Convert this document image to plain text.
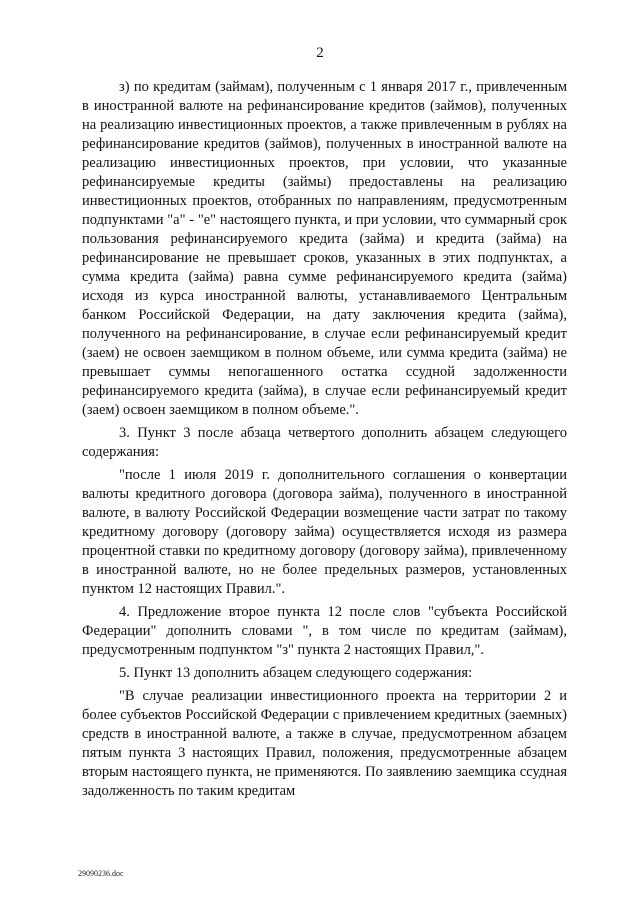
2

з) по кредитам (займам), полученным с 1 января 2017 г., привлеченным в иностранной валюте на рефинансирование кредитов (займов), полученных на реализацию инвестиционных проектов, а также привлеченным в рублях на рефинансирование кредитов (займов), полученных в иностранной валюте на реализацию инвестиционных проектов, при условии, что указанные рефинансируемые кредиты (займы) предоставлены на реализацию инвестиционных проектов, отобранных по направлениям, предусмотренным подпунктами "а" - "е" настоящего пункта, и при условии, что суммарный срок пользования рефинансируемого кредита (займа) и кредита (займа) на рефинансирование не превышает сроков, указанных в этих подпунктах, а сумма кредита (займа) равна сумме рефинансируемого кредита (займа) исходя из курса иностранной валюты, устанавливаемого Центральным банком Российской Федерации, на дату заключения кредита (займа), полученного на рефинансирование, в случае если рефинансируемый кредит (заем) не освоен заемщиком в полном объеме, или сумма кредита (займа) не превышает суммы непогашенного остатка ссудной задолженности рефинансируемого кредита (займа), в случае если рефинансируемый кредит (заем) освоен заемщиком в полном объеме.".

3. Пункт 3 после абзаца четвертого дополнить абзацем следующего содержания:

"после 1 июля 2019 г. дополнительного соглашения о конвертации валюты кредитного договора (договора займа), полученного в иностранной валюте, в валюту Российской Федерации возмещение части затрат по такому кредитному договору (договору займа) осуществляется исходя из размера процентной ставки по кредитному договору (договору займа), привлеченному в иностранной валюте, но не более предельных размеров, установленных пунктом 12 настоящих Правил.".

4. Предложение второе пункта 12 после слов "субъекта Российской Федерации" дополнить словами ", в том числе по кредитам (займам), предусмотренным подпунктом "з" пункта 2 настоящих Правил,".

5. Пункт 13 дополнить абзацем следующего содержания:

"В случае реализации инвестиционного проекта на территории 2 и более субъектов Российской Федерации с привлечением кредитных (заемных) средств в иностранной валюте, а также в случае, предусмотренном абзацем пятым пункта 3 настоящих Правил, положения, предусмотренные абзацем вторым настоящего пункта, не применяются. По заявлению заемщика ссудная задолженность по таким кредитам

29090236.doc
